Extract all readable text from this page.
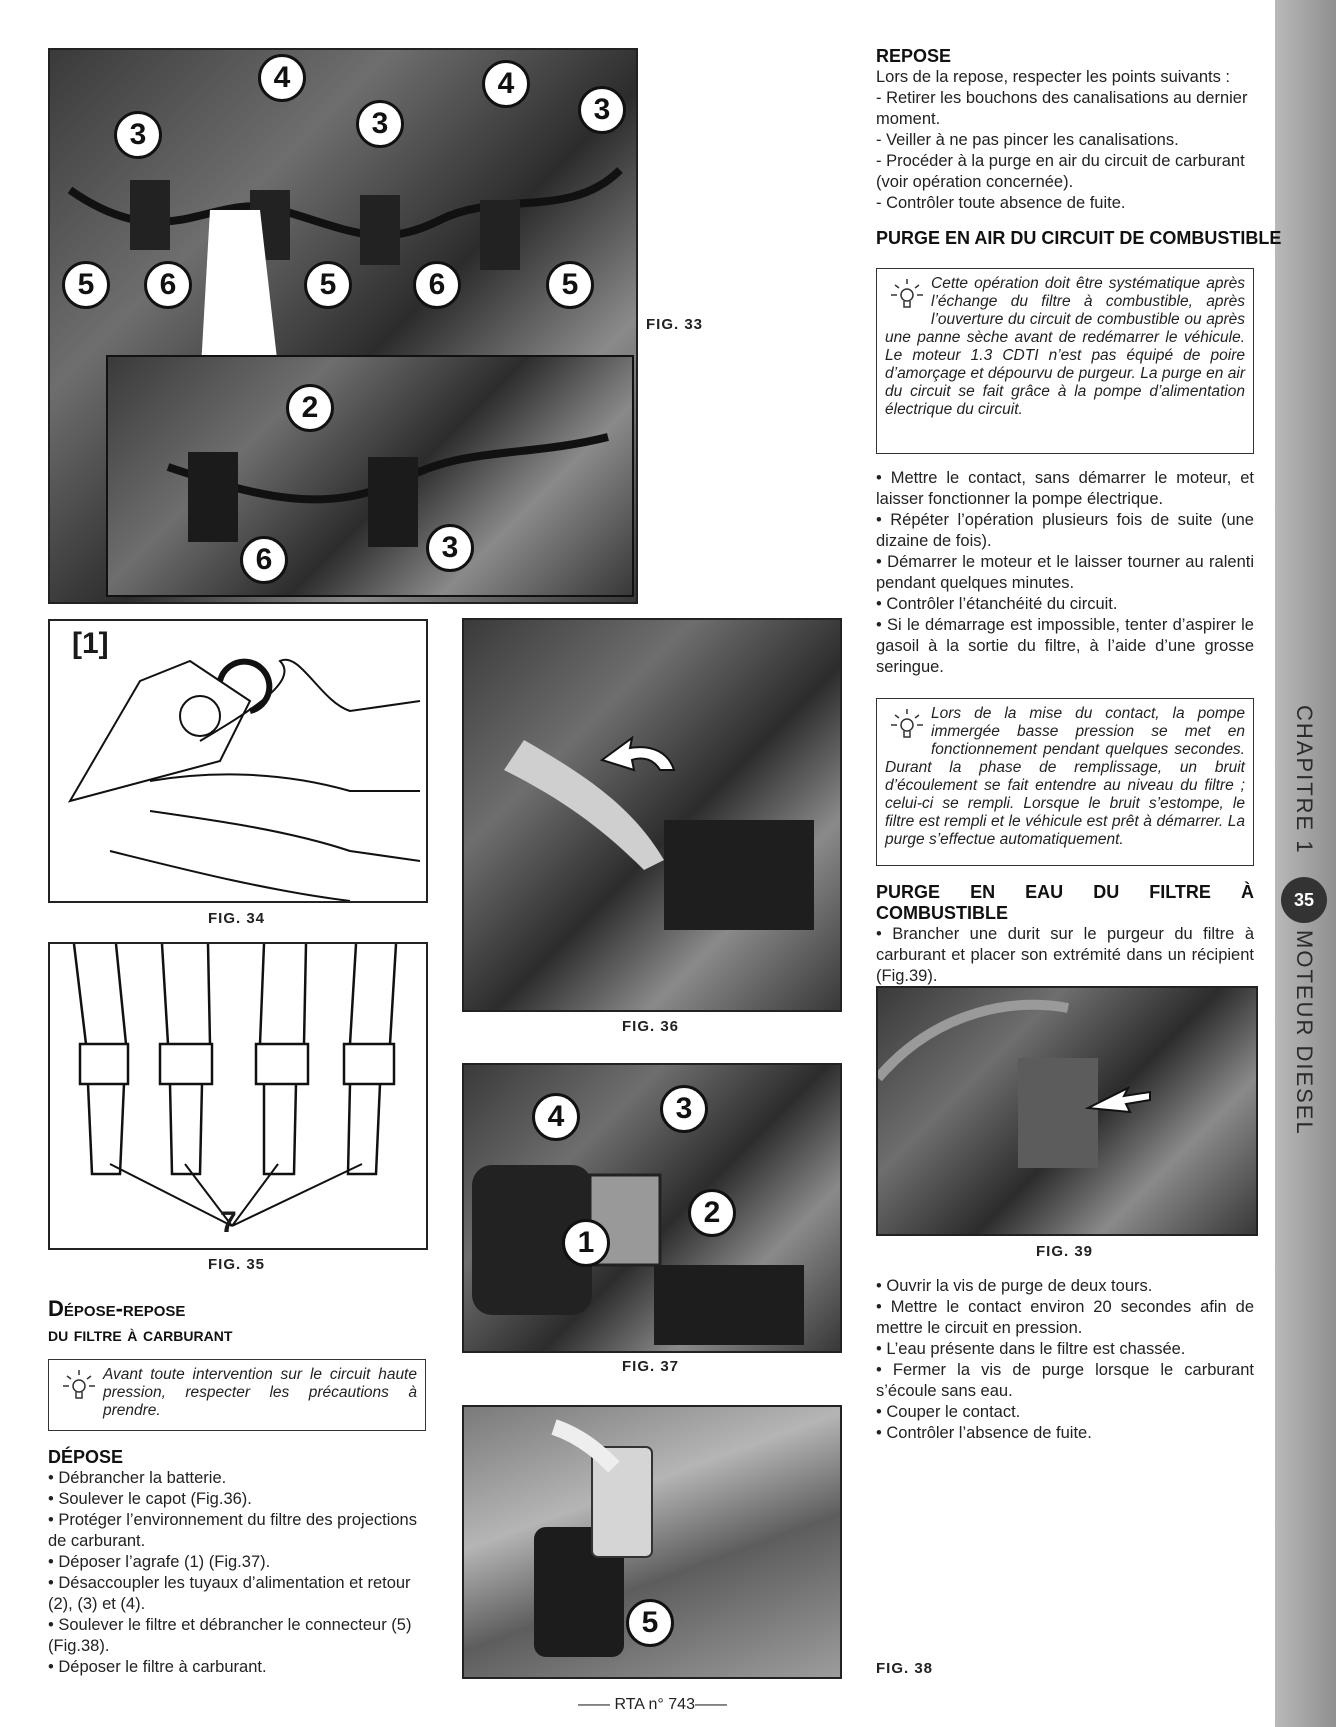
CHAPITRE 1
35
MOTEUR DIESEL
4	4
3	3	3
5	6	5	6	5
2
3
6
FIG. 33
[1]
FIG. 34
7
FIG. 35
FIG. 36
4	3
1
2
FIG. 37
5
FIG. 38
FIG. 39
Dépose-repose
du filtre à carburant
Avant toute intervention sur le circuit haute pression, respecter les précautions à prendre.
DÉPOSE

• Débrancher la batterie.

• Soulever le capot (Fig.36).

• Protéger l’environnement du filtre des projections de carburant.

• Déposer l’agrafe (1) (Fig.37).

• Désaccoupler les tuyaux d’alimentation et retour (2), (3) et (4).

• Soulever le filtre et débrancher le connecteur (5) (Fig.38).

• Déposer le filtre à carburant.

REPOSE

Lors de la repose, respecter les points suivants :

- Retirer les bouchons des canalisations au dernier moment.

- Veiller à ne pas pincer les canalisations.

- Procéder à la purge en air du circuit de carburant (voir opération concernée).

- Contrôler toute absence de fuite.

PURGE EN AIR DU CIRCUIT DE COMBUSTIBLE
Cette opération doit être systématique après l’échange du filtre à combustible, après l’ouverture du circuit de combustible ou après une panne sèche avant de redémarrer le véhicule. Le moteur 1.3 CDTI n’est pas équipé de poire d’amorçage et dépourvu de purgeur. La purge en air du circuit se fait grâce à la pompe d’alimentation électrique du circuit.

• Mettre le contact, sans démarrer le moteur, et laisser fonctionner la pompe électrique.

• Répéter l’opération plusieurs fois de suite (une dizaine de fois).

• Démarrer le moteur et le laisser tourner au ralenti pendant quelques minutes.

• Contrôler l’étanchéité du circuit.

• Si le démarrage est impossible, tenter d’aspirer le gasoil à la sortie du filtre, à l’aide d’une grosse seringue.

Lors de la mise du contact, la pompe immergée basse pression se met en fonctionnement pendant quelques secondes. Durant la phase de remplissage, un bruit d’écoulement se fait entendre au niveau du filtre ; celui-ci se rempli. Lorsque le bruit s’estompe, le filtre est rempli et le véhicule est prêt à démarrer. La purge s’effectue automatiquement.
PURGE EN EAU DU FILTRE À COMBUSTIBLE

• Brancher une durit sur le purgeur du filtre à carburant et placer son extrémité dans un récipient (Fig.39).

• Ouvrir la vis de purge de deux tours.

• Mettre le contact environ 20 secondes afin de mettre le circuit en pression.

• L’eau présente dans le filtre est chassée.

• Fermer la vis de purge lorsque le carburant s’écoule sans eau.

• Couper le contact.

• Contrôler l’absence de fuite.

—— RTA n° 743——
